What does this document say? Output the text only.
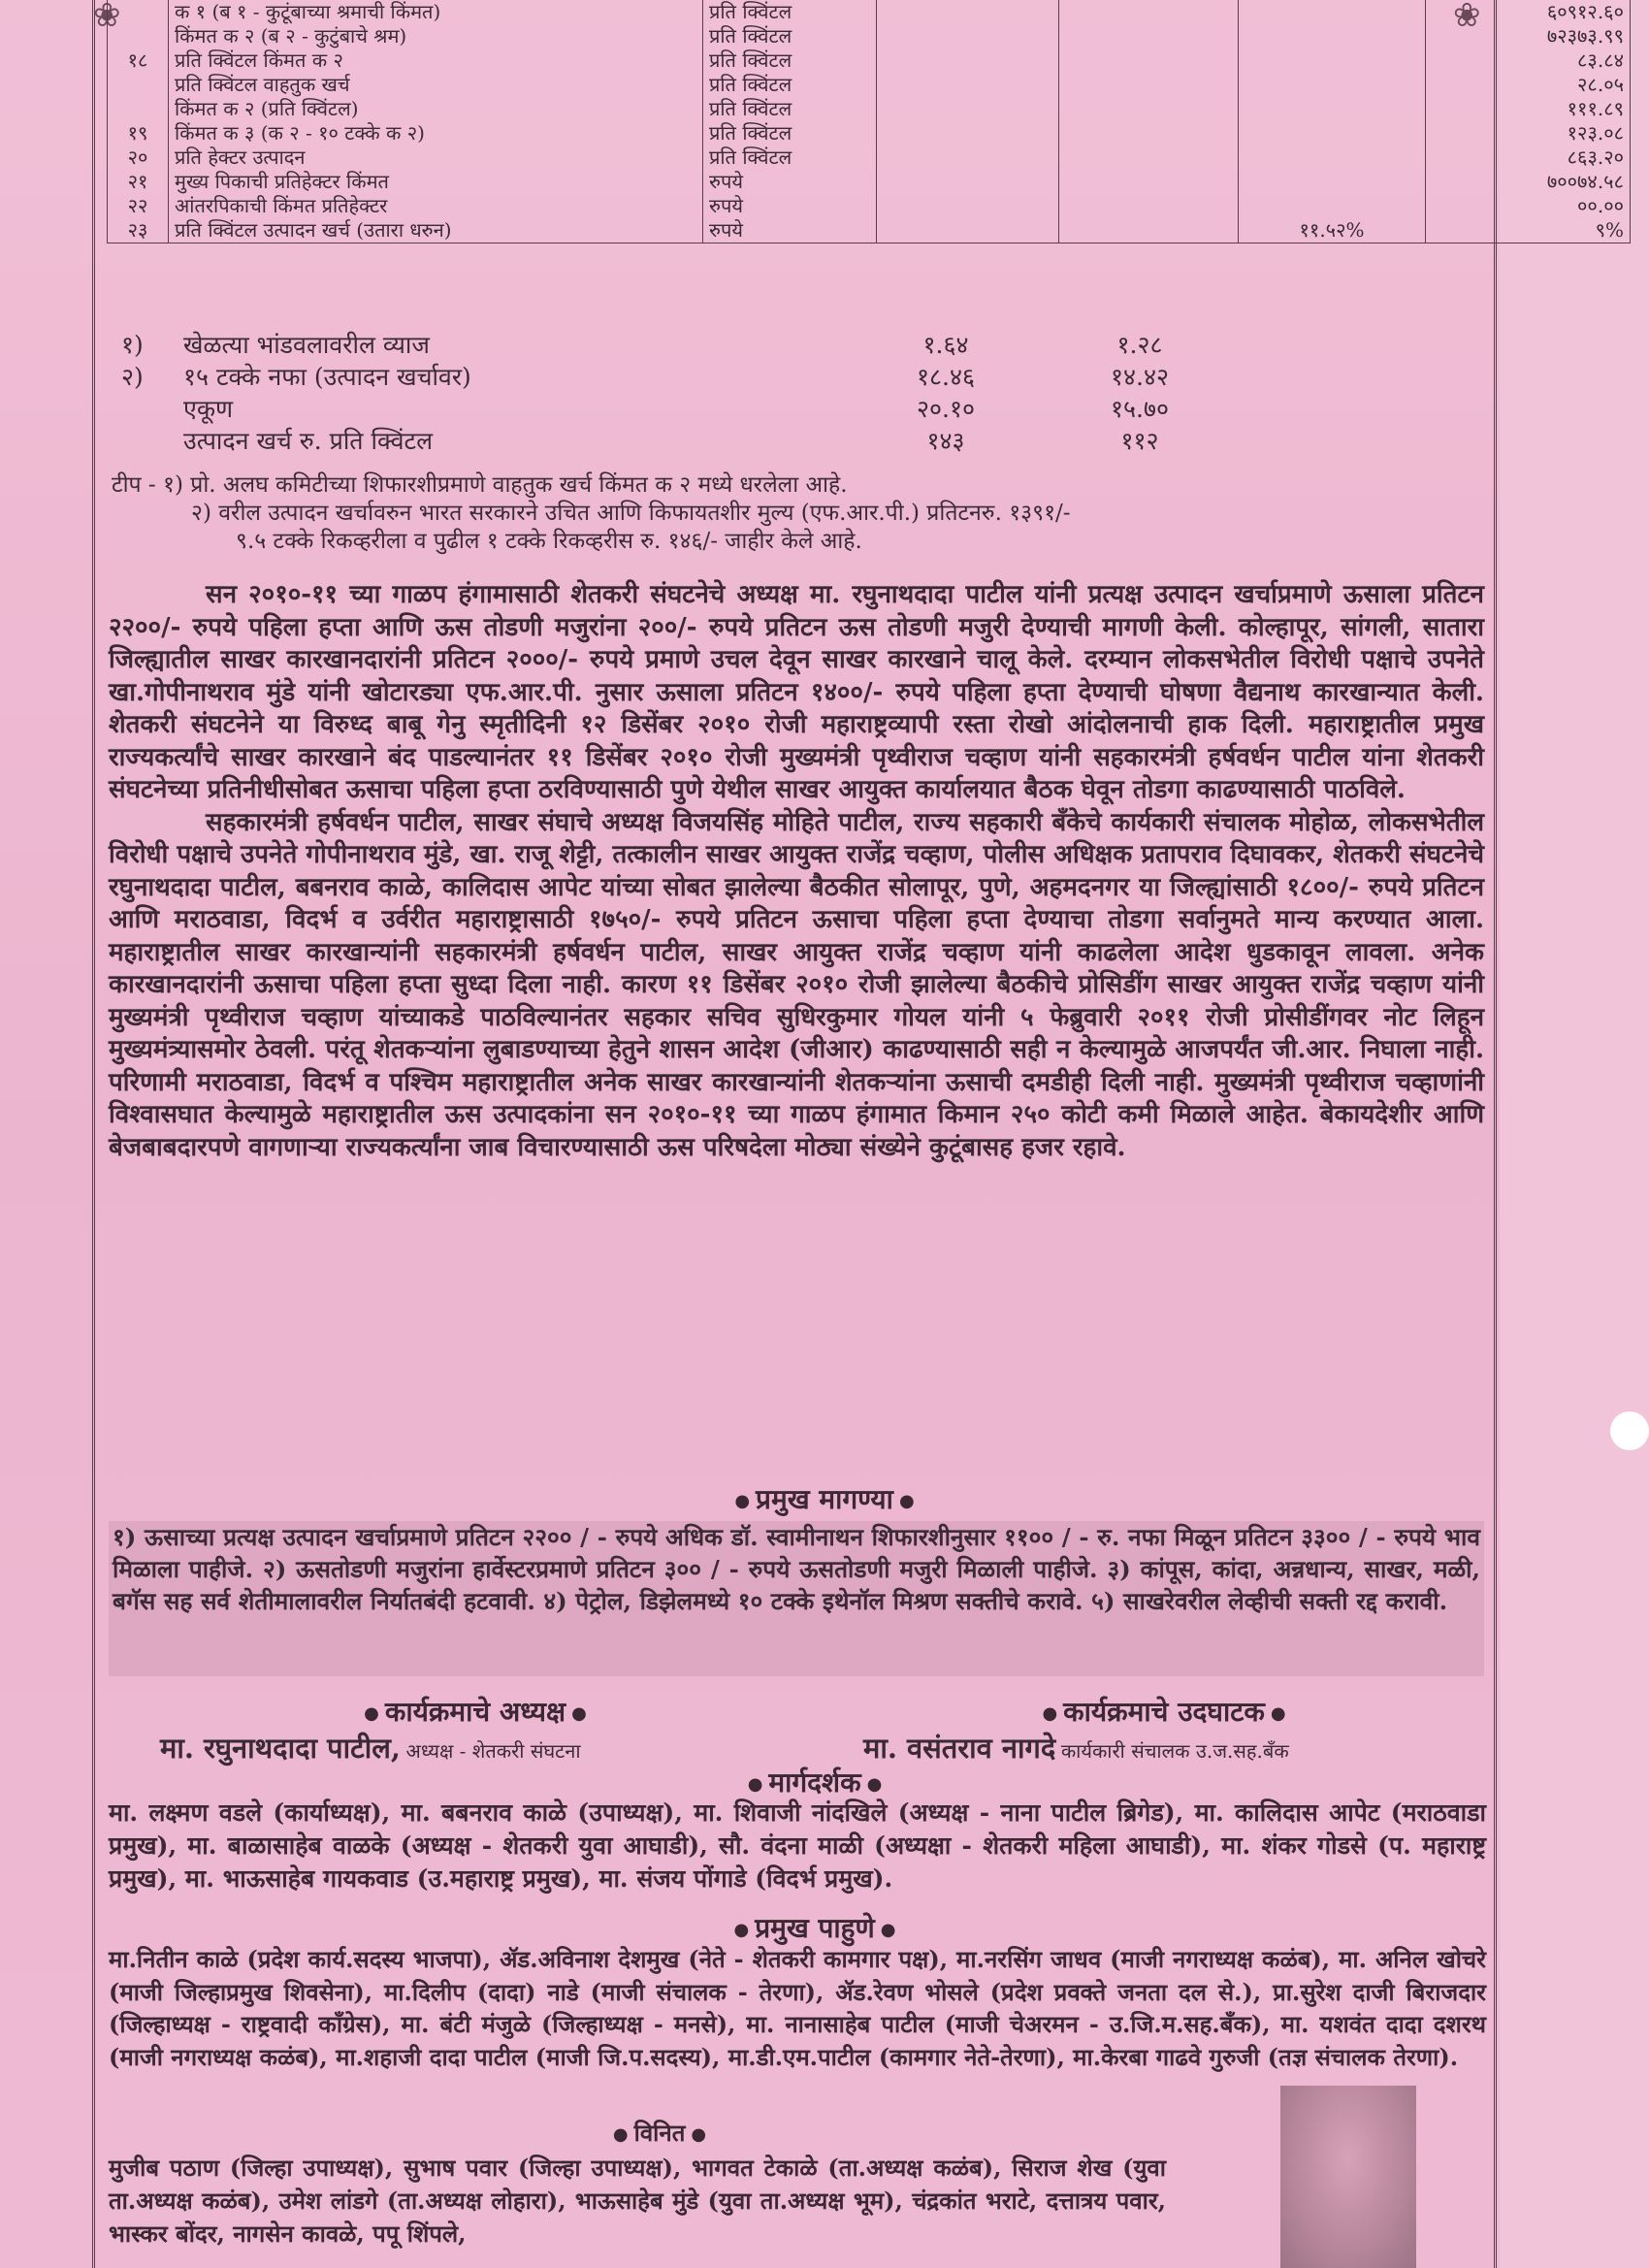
❀	❀
	क १ (ब १ - कुटूंबाच्या श्रमाची किंमत)	प्रति क्विंटल				६०९१२.६०
	किंमत क २ (ब २ - कुटुंबाचे श्रम)	प्रति क्विंटल				७२३७३.९९
१८	प्रति क्विंटल किंमत क २	प्रति क्विंटल				८३.८४
	प्रति क्विंटल वाहतुक खर्च	प्रति क्विंटल				२८.०५
	किंमत क २ (प्रति क्विंटल)	प्रति क्विंटल				१११.८९
१९	किंमत क ३ (क २ - १० टक्के क २)	प्रति क्विंटल				१२३.०८
२०	प्रति हेक्टर उत्पादन	प्रति क्विंटल				८६३.२०
२१	मुख्य पिकाची प्रतिहेक्टर किंमत	रुपये				७००७४.५८
२२	आंतरपिकाची किंमत प्रतिहेक्टर	रुपये				००.००
२३	प्रति क्विंटल उत्पादन खर्च (उतारा धरुन)	रुपये			११.५२%	९%
१)	खेळत्या भांडवलावरील व्याज	१.६४	१.२८
२)	१५ टक्के नफा (उत्पादन खर्चावर)	१८.४६	१४.४२
एकूण	२०.१०	१५.७०
उत्पादन खर्च रु. प्रति क्विंटल	१४३	११२

टीप - १) प्रो. अलघ कमिटीच्या शिफारशीप्रमाणे वाहतुक खर्च किंमत क २ मध्ये धरलेला आहे.

२) वरील उत्पादन खर्चावरुन भारत सरकारने उचित आणि किफायतशीर मुल्य (एफ.आर.पी.) प्रतिटनरु. १३९१/-

९.५ टक्के रिकव्हरीला व पुढील १ टक्के रिकव्हरीस रु. १४६/- जाहीर केले आहे.

सन २०१०-११ च्या गाळप हंगामासाठी शेतकरी संघटनेचे अध्यक्ष मा. रघुनाथदादा पाटील यांनी प्रत्यक्ष उत्पादन खर्चाप्रमाणे ऊसाला प्रतिटन २२००/- रुपये पहिला हप्ता आणि ऊस तोडणी मजुरांना २००/- रुपये प्रतिटन ऊस तोडणी मजुरी देण्याची मागणी केली. कोल्हापूर, सांगली, सातारा जिल्ह्यातील साखर कारखानदारांनी प्रतिटन २०००/- रुपये प्रमाणे उचल देवून साखर कारखाने चालू केले. दरम्यान लोकसभेतील विरोधी पक्षाचे उपनेते खा.गोपीनाथराव मुंडे यांनी खोटारड्या एफ.आर.पी. नुसार ऊसाला प्रतिटन १४००/- रुपये पहिला हप्ता देण्याची घोषणा वैद्यनाथ कारखान्यात केली. शेतकरी संघटनेने या विरुध्द बाबू गेनु स्मृतीदिनी १२ डिसेंबर २०१० रोजी महाराष्ट्रव्यापी रस्ता रोखो आंदोलनाची हाक दिली. महाराष्ट्रातील प्रमुख राज्यकर्त्यांचे साखर कारखाने बंद पाडल्यानंतर ११ डिसेंबर २०१० रोजी मुख्यमंत्री पृथ्वीराज चव्हाण यांनी सहकारमंत्री हर्षवर्धन पाटील यांना शेतकरी संघटनेच्या प्रतिनीधीसोबत ऊसाचा पहिला हप्ता ठरविण्यासाठी पुणे येथील साखर आयुक्त कार्यालयात बैठक घेवून तोडगा काढण्यासाठी पाठविले.

सहकारमंत्री हर्षवर्धन पाटील, साखर संघाचे अध्यक्ष विजयसिंह मोहिते पाटील, राज्य सहकारी बँकेचे कार्यकारी संचालक मोहोळ, लोकसभेतील विरोधी पक्षाचे उपनेते गोपीनाथराव मुंडे, खा. राजू शेट्टी, तत्कालीन साखर आयुक्त राजेंद्र चव्हाण, पोलीस अधिक्षक प्रतापराव दिघावकर, शेतकरी संघटनेचे रघुनाथदादा पाटील, बबनराव काळे, कालिदास आपेट यांच्या सोबत झालेल्या बैठकीत सोलापूर, पुणे, अहमदनगर या जिल्ह्यांसाठी १८००/- रुपये प्रतिटन आणि मराठवाडा, विदर्भ व उर्वरीत महाराष्ट्रासाठी १७५०/- रुपये प्रतिटन ऊसाचा पहिला हप्ता देण्याचा तोडगा सर्वानुमते मान्य करण्यात आला. महाराष्ट्रातील साखर कारखान्यांनी सहकारमंत्री हर्षवर्धन पाटील, साखर आयुक्त राजेंद्र चव्हाण यांनी काढलेला आदेश धुडकावून लावला. अनेक कारखानदारांनी ऊसाचा पहिला हप्ता सुध्दा दिला नाही. कारण ११ डिसेंबर २०१० रोजी झालेल्या बैठकीचे प्रोसिडींग साखर आयुक्त राजेंद्र चव्हाण यांनी मुख्यमंत्री पृथ्वीराज चव्हाण यांच्याकडे पाठविल्यानंतर सहकार सचिव सुधिरकुमार गोयल यांनी ५ फेब्रुवारी २०११ रोजी प्रोसीडींगवर नोट लिहून मुख्यमंत्र्यासमोर ठेवली. परंतू शेतकऱ्यांना लुबाडण्याच्या हेतुने शासन आदेश (जीआर) काढण्यासाठी सही न केल्यामुळे आजपर्यंत जी.आर. निघाला नाही. परिणामी मराठवाडा, विदर्भ व पश्चिम महाराष्ट्रातील अनेक साखर कारखान्यांनी शेतकऱ्यांना ऊसाची दमडीही दिली नाही. मुख्यमंत्री पृथ्वीराज चव्हाणांनी विश्वासघात केल्यामुळे महाराष्ट्रातील ऊस उत्पादकांना सन २०१०-११ च्या गाळप हंगामात किमान २५० कोटी कमी मिळाले आहेत. बेकायदेशीर आणि बेजबाबदारपणे वागणाऱ्या राज्यकर्त्यांना जाब विचारण्यासाठी ऊस परिषदेला मोठ्या संख्येने कुटूंबासह हजर रहावे.

● प्रमुख मागण्या ●
१) ऊसाच्या प्रत्यक्ष उत्पादन खर्चाप्रमाणे प्रतिटन २२०० / - रुपये अधिक डॉ. स्वामीनाथन शिफारशीनुसार ११०० / - रु. नफा मिळून प्रतिटन ३३०० / - रुपये भाव मिळाला पाहीजे. २) ऊसतोडणी मजुरांना हार्वेस्टरप्रमाणे प्रतिटन ३०० / - रुपये ऊसतोडणी मजुरी मिळाली पाहीजे. ३) कांपूस, कांदा, अन्नधान्य, साखर, मळी, बगॅस सह सर्व शेतीमालावरील निर्यातबंदी हटवावी. ४) पेट्रोल, डिझेलमध्ये १० टक्के इथेनॉल मिश्रण सक्तीचे करावे. ५) साखरेवरील लेव्हीची सक्ती रद्द करावी.
● कार्यक्रमाचे अध्यक्ष ●	● कार्यक्रमाचे उदघाटक ●
मा. रघुनाथदादा पाटील, अध्यक्ष - शेतकरी संघटना	मा. वसंतराव नागदे कार्यकारी संचालक उ.ज.सह.बँक
● मार्गदर्शक ●
मा. लक्ष्मण वडले (कार्याध्यक्ष), मा. बबनराव काळे (उपाध्यक्ष), मा. शिवाजी नांदखिले (अध्यक्ष - नाना पाटील ब्रिगेड), मा. कालिदास आपेट (मराठवाडा प्रमुख), मा. बाळासाहेब वाळके (अध्यक्ष - शेतकरी युवा आघाडी), सौ. वंदना माळी (अध्यक्षा - शेतकरी महिला आघाडी), मा. शंकर गोडसे (प. महाराष्ट्र प्रमुख), मा. भाऊसाहेब गायकवाड (उ.महाराष्ट्र प्रमुख), मा. संजय पोंगाडे (विदर्भ प्रमुख).
● प्रमुख पाहुणे ●
मा.नितीन काळे (प्रदेश कार्य.सदस्य भाजपा), ॲड.अविनाश देशमुख (नेते - शेतकरी कामगार पक्ष), मा.नरसिंग जाधव (माजी नगराध्यक्ष कळंब), मा. अनिल खोचरे (माजी जिल्हाप्रमुख शिवसेना), मा.दिलीप (दादा) नाडे (माजी संचालक - तेरणा), ॲड.रेवण भोसले (प्रदेश प्रवक्ते जनता दल से.), प्रा.सुरेश दाजी बिराजदार (जिल्हाध्यक्ष - राष्ट्रवादी कॉंग्रेस), मा. बंटी मंजुळे (जिल्हाध्यक्ष - मनसे), मा. नानासाहेब पाटील (माजी चेअरमन - उ.जि.म.सह.बँक), मा. यशवंत दादा दशरथ (माजी नगराध्यक्ष कळंब), मा.शहाजी दादा पाटील (माजी जि.प.सदस्य), मा.डी.एम.पाटील (कामगार नेते-तेरणा), मा.केरबा गाढवे गुरुजी (तज्ञ संचालक तेरणा).
● विनित ●
मुजीब पठाण (जिल्हा उपाध्यक्ष), सुभाष पवार (जिल्हा उपाध्यक्ष), भागवत टेकाळे (ता.अध्यक्ष कळंब), सिराज शेख (युवा ता.अध्यक्ष कळंब), उमेश लांडगे (ता.अध्यक्ष लोहारा), भाऊसाहेब मुंडे (युवा ता.अध्यक्ष भूम), चंद्रकांत भराटे, दत्तात्रय पवार, भास्कर बोंदर, नागसेन कावळे, पपू शिंपले,
